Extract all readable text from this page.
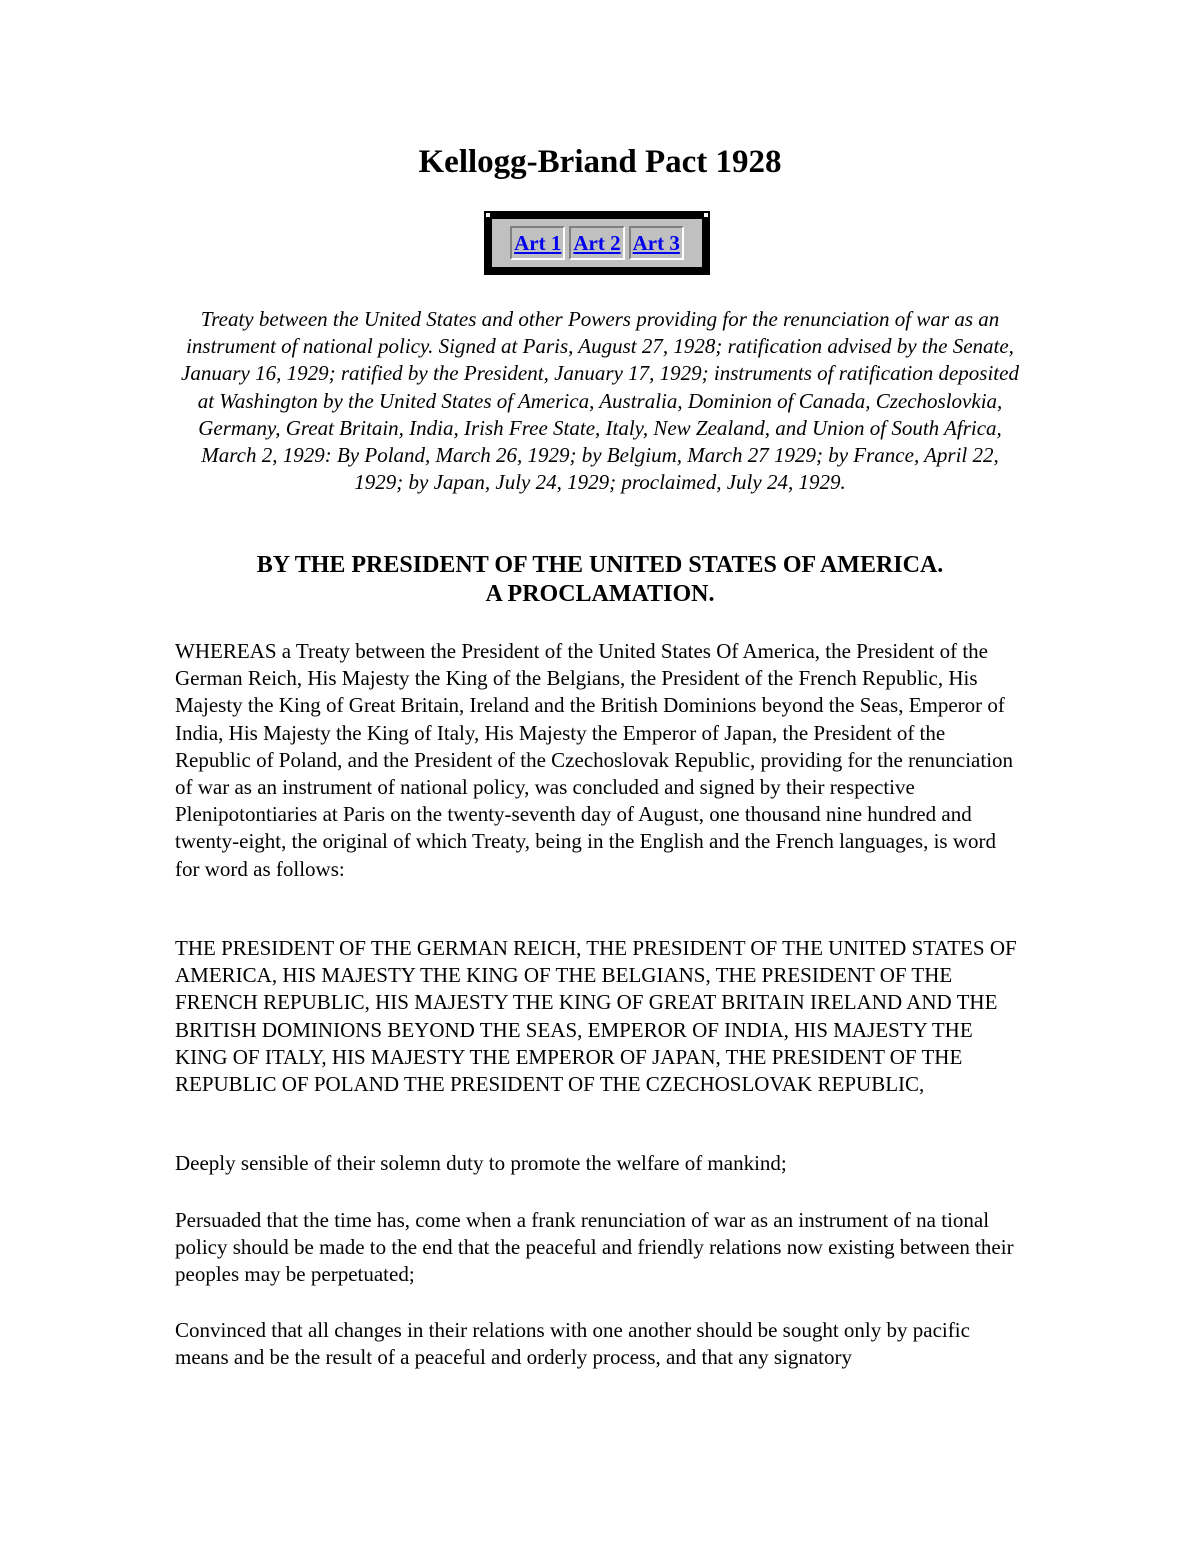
Kellogg-Briand Pact 1928
Art 1 Art 2 Art 3

Treaty between the United States and other Powers providing for the renunciation of war as an instrument of national policy. Signed at Paris, August 27, 1928; ratification advised by the Senate, January 16, 1929; ratified by the President, January 17, 1929; instruments of ratification deposited at Washington by the United States of America, Australia, Dominion of Canada, Czechoslovkia, Germany, Great Britain, India, Irish Free State, Italy, New Zealand, and Union of South Africa, March 2, 1929: By Poland, March 26, 1929; by Belgium, March 27 1929; by France, April 22, 1929; by Japan, July 24, 1929; proclaimed, July 24, 1929.

BY THE PRESIDENT OF THE UNITED STATES OF AMERICA.
A PROCLAMATION.

WHEREAS a Treaty between the President of the United States Of America, the President of the German Reich, His Majesty the King of the Belgians, the President of the French Republic, His Majesty the King of Great Britain, Ireland and the British Dominions beyond the Seas, Emperor of India, His Majesty the King of Italy, His Majesty the Emperor of Japan, the President of the Republic of Poland, and the President of the Czechoslovak Republic, providing for the renunciation of war as an instrument of national policy, was concluded and signed by their respective Plenipotontiaries at Paris on the twenty-seventh day of August, one thousand nine hundred and twenty-eight, the original of which Treaty, being in the English and the French languages, is word for word as follows:

THE PRESIDENT OF THE GERMAN REICH, THE PRESIDENT OF THE UNITED STATES OF AMERICA, HIS MAJESTY THE KING OF THE BELGIANS, THE PRESIDENT OF THE FRENCH REPUBLIC, HIS MAJESTY THE KING OF GREAT BRITAIN IRELAND AND THE BRITISH DOMINIONS BEYOND THE SEAS, EMPEROR OF INDIA, HIS MAJESTY THE KING OF ITALY, HIS MAJESTY THE EMPEROR OF JAPAN, THE PRESIDENT OF THE REPUBLIC OF POLAND THE PRESIDENT OF THE CZECHOSLOVAK REPUBLIC,

Deeply sensible of their solemn duty to promote the welfare of mankind;

Persuaded that the time has, come when a frank renunciation of war as an instrument of na tional policy should be made to the end that the peaceful and friendly relations now existing between their peoples may be perpetuated;

Convinced that all changes in their relations with one another should be sought only by pacific means and be the result of a peaceful and orderly process, and that any signatory
